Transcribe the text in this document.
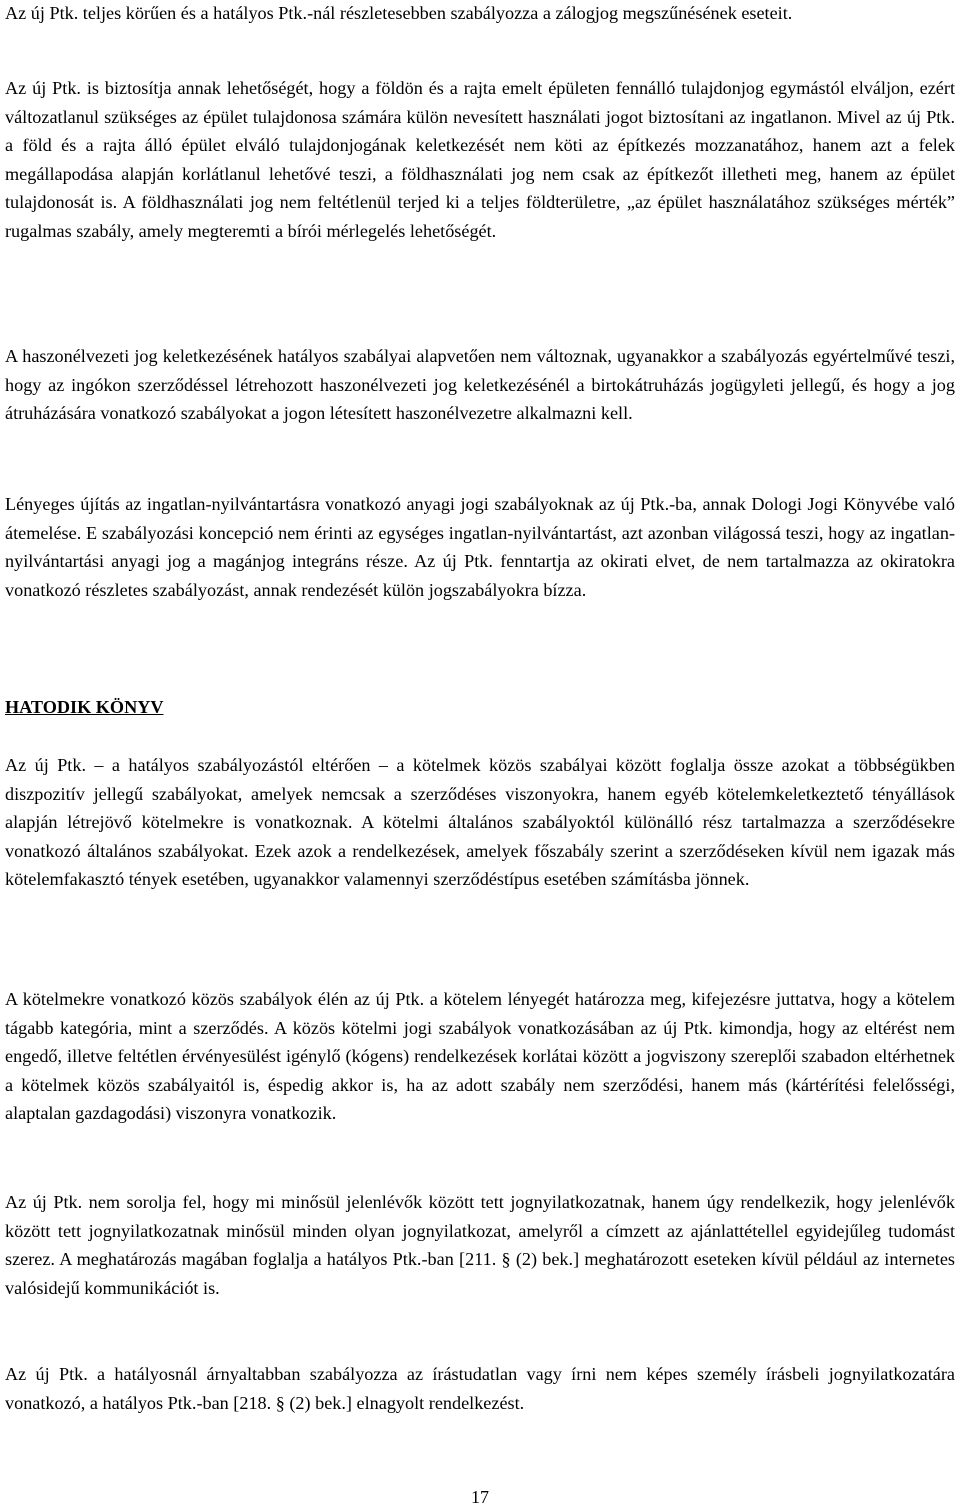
Az új Ptk. teljes körűen és a hatályos Ptk.-nál részletesebben szabályozza a zálogjog megszűnésének eseteit.

Az új Ptk. is biztosítja annak lehetőségét, hogy a földön és a rajta emelt épületen fennálló tulajdonjog egymástól elváljon, ezért változatlanul szükséges az épület tulajdonosa számára külön nevesített használati jogot biztosítani az ingatlanon. Mivel az új Ptk. a föld és a rajta álló épület elváló tulajdonjogának keletkezését nem köti az építkezés mozzanatához, hanem azt a felek megállapodása alapján korlátlanul lehetővé teszi, a földhasználati jog nem csak az építkezőt illetheti meg, hanem az épület tulajdonosát is. A földhasználati jog nem feltétlenül terjed ki a teljes földterületre, „az épület használatához szükséges mérték” rugalmas szabály, amely megteremti a bírói mérlegelés lehetőségét.

A haszonélvezeti jog keletkezésének hatályos szabályai alapvetően nem változnak, ugyanakkor a szabályozás egyértelművé teszi, hogy az ingókon szerződéssel létrehozott haszonélvezeti jog keletkezésénél a birtokátruházás jogügyleti jellegű, és hogy a jog átruházására vonatkozó szabályokat a jogon létesített haszonélvezetre alkalmazni kell.

Lényeges újítás az ingatlan-nyilvántartásra vonatkozó anyagi jogi szabályoknak az új Ptk.-ba, annak Dologi Jogi Könyvébe való átemelése. E szabályozási koncepció nem érinti az egységes ingatlan-nyilvántartást, azt azonban világossá teszi, hogy az ingatlan-nyilvántartási anyagi jog a magánjog integráns része. Az új Ptk. fenntartja az okirati elvet, de nem tartalmazza az okiratokra vonatkozó részletes szabályozást, annak rendezését külön jogszabályokra bízza.

HATODIK KÖNYV

Az új Ptk. – a hatályos szabályozástól eltérően – a kötelmek közös szabályai között foglalja össze azokat a többségükben diszpozitív jellegű szabályokat, amelyek nemcsak a szerződéses viszonyokra, hanem egyéb kötelemkeletkeztető tényállások alapján létrejövő kötelmekre is vonatkoznak. A kötelmi általános szabályoktól különálló rész tartalmazza a szerződésekre vonatkozó általános szabályokat. Ezek azok a rendelkezések, amelyek főszabály szerint a szerződéseken kívül nem igazak más kötelemfakasztó tények esetében, ugyanakkor valamennyi szerződéstípus esetében számításba jönnek.

A kötelmekre vonatkozó közös szabályok élén az új Ptk. a kötelem lényegét határozza meg, kifejezésre juttatva, hogy a kötelem tágabb kategória, mint a szerződés. A közös kötelmi jogi szabályok vonatkozásában az új Ptk. kimondja, hogy az eltérést nem engedő, illetve feltétlen érvényesülést igénylő (kógens) rendelkezések korlátai között a jogviszony szereplői szabadon eltérhetnek a kötelmek közös szabályaitól is, éspedig akkor is, ha az adott szabály nem szerződési, hanem más (kártérítési felelősségi, alaptalan gazdagodási) viszonyra vonatkozik.

Az új Ptk. nem sorolja fel, hogy mi minősül jelenlévők között tett jognyilatkozatnak, hanem úgy rendelkezik, hogy jelenlévők között tett jognyilatkozatnak minősül minden olyan jognyilatkozat, amelyről a címzett az ajánlattétellel egyidejűleg tudomást szerez. A meghatározás magában foglalja a hatályos Ptk.-ban [211. § (2) bek.] meghatározott eseteken kívül például az internetes valósidejű kommunikációt is.

Az új Ptk. a hatályosnál árnyaltabban szabályozza az írástudatlan vagy írni nem képes személy írásbeli jognyilatkozatára vonatkozó, a hatályos Ptk.-ban [218. § (2) bek.] elnagyolt rendelkezést.

17
